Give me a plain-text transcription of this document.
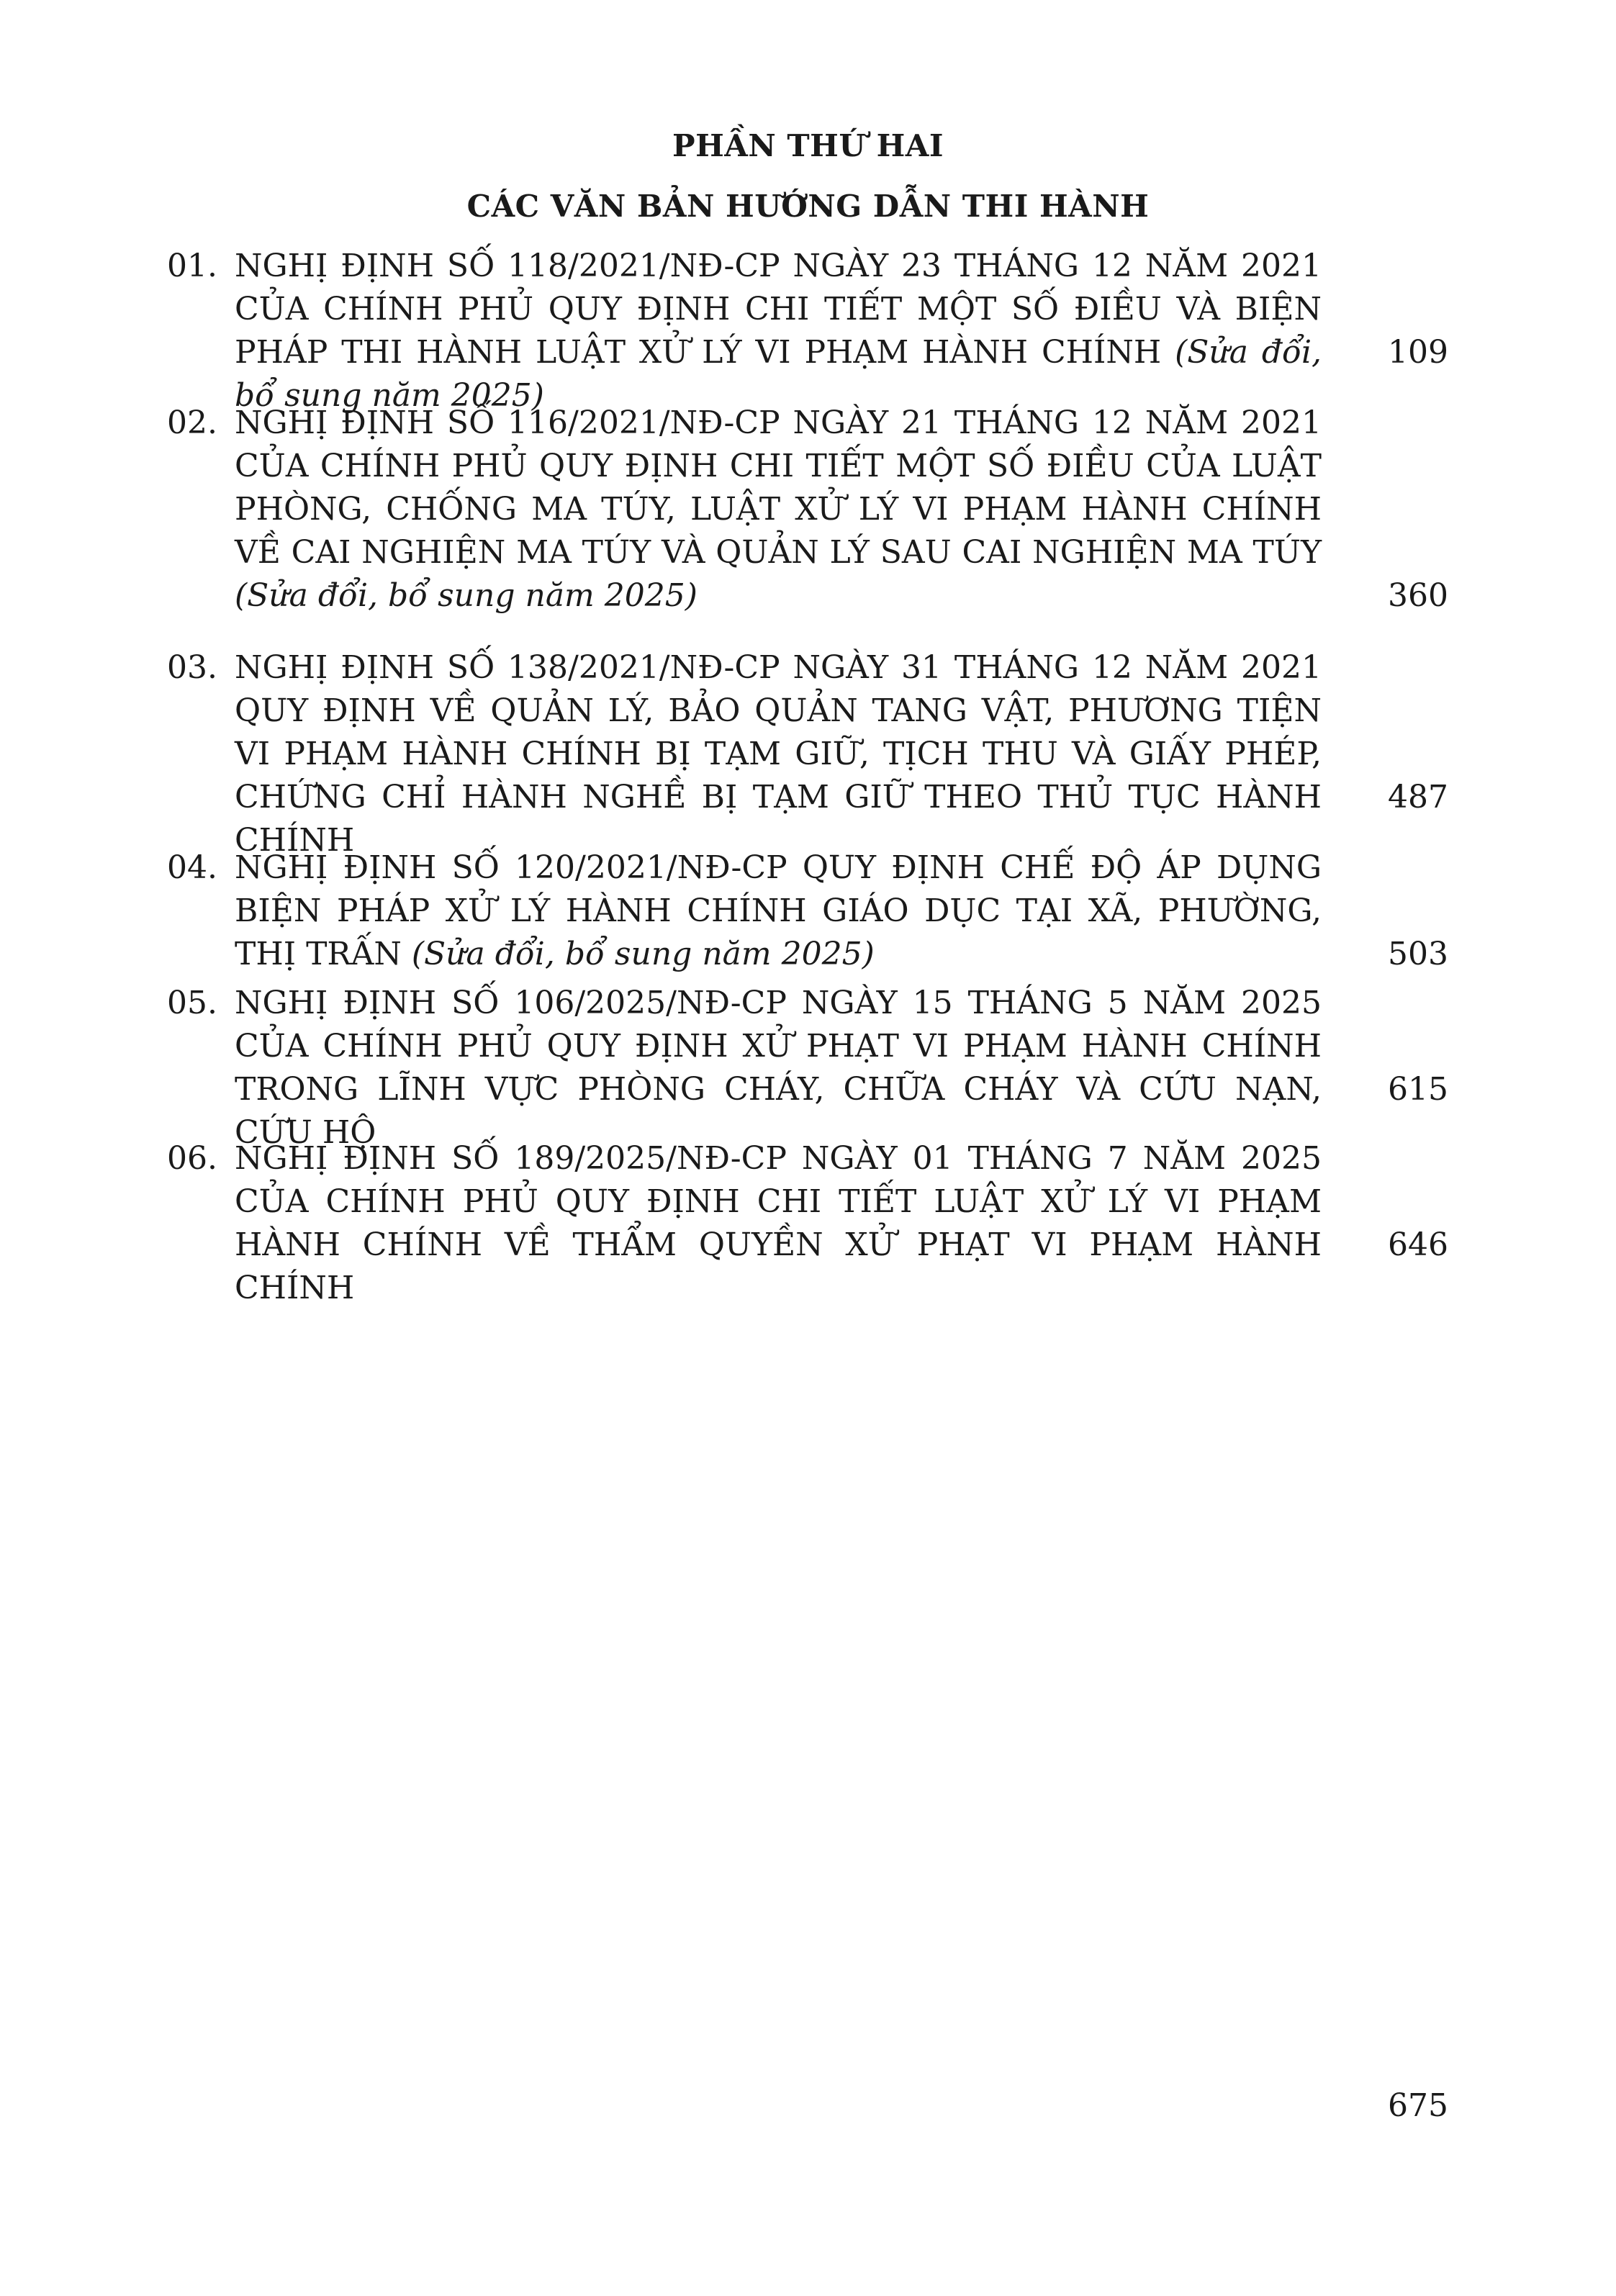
PHẦN THỨ HAI
CÁC VĂN BẢN HƯỚNG DẪN THI HÀNH
01. NGHỊ ĐỊNH SỐ 118/2021/NĐ-CP NGÀY 23 THÁNG 12 NĂM 2021 CỦA CHÍNH PHỦ QUY ĐỊNH CHI TIẾT MỘT SỐ ĐIỀU VÀ BIỆN PHÁP THI HÀNH LUẬT XỬ LÝ VI PHẠM HÀNH CHÍNH (Sửa đổi, bổ sung năm 2025)
109
02. NGHỊ ĐỊNH SỐ 116/2021/NĐ-CP NGÀY 21 THÁNG 12 NĂM 2021 CỦA CHÍNH PHỦ QUY ĐỊNH CHI TIẾT MỘT SỐ ĐIỀU CỦA LUẬT PHÒNG, CHỐNG MA TÚY, LUẬT XỬ LÝ VI PHẠM HÀNH CHÍNH VỀ CAI NGHIỆN MA TÚY VÀ QUẢN LÝ SAU CAI NGHIỆN MA TÚY (Sửa đổi, bổ sung năm 2025)	360
03. NGHỊ ĐỊNH SỐ 138/2021/NĐ-CP NGÀY 31 THÁNG 12 NĂM 2021 QUY ĐỊNH VỀ QUẢN LÝ, BẢO QUẢN TANG VẬT, PHƯƠNG TIỆN VI PHẠM HÀNH CHÍNH BỊ TẠM GIỮ, TỊCH THU VÀ GIẤY PHÉP, CHỨNG CHỈ HÀNH NGHỀ BỊ TẠM GIỮ THEO THỦ TỤC HÀNH CHÍNH
487
04. NGHỊ ĐỊNH SỐ 120/2021/NĐ-CP QUY ĐỊNH CHẾ ĐỘ ÁP DỤNG BIỆN PHÁP XỬ LÝ HÀNH CHÍNH GIÁO DỤC TẠI XÃ, PHƯỜNG, THỊ TRẤN (Sửa đổi, bổ sung năm 2025)	503
05. NGHỊ ĐỊNH SỐ 106/2025/NĐ-CP NGÀY 15 THÁNG 5 NĂM 2025 CỦA CHÍNH PHỦ QUY ĐỊNH XỬ PHẠT VI PHẠM HÀNH CHÍNH TRONG LĨNH VỰC PHÒNG CHÁY, CHỮA CHÁY VÀ CỨU NẠN, CỨU HỘ
615
06. NGHỊ ĐỊNH SỐ 189/2025/NĐ-CP NGÀY 01 THÁNG 7 NĂM 2025 CỦA CHÍNH PHỦ QUY ĐỊNH CHI TIẾT LUẬT XỬ LÝ VI PHẠM HÀNH CHÍNH VỀ THẨM QUYỀN XỬ PHẠT VI PHẠM HÀNH CHÍNH
646
675
